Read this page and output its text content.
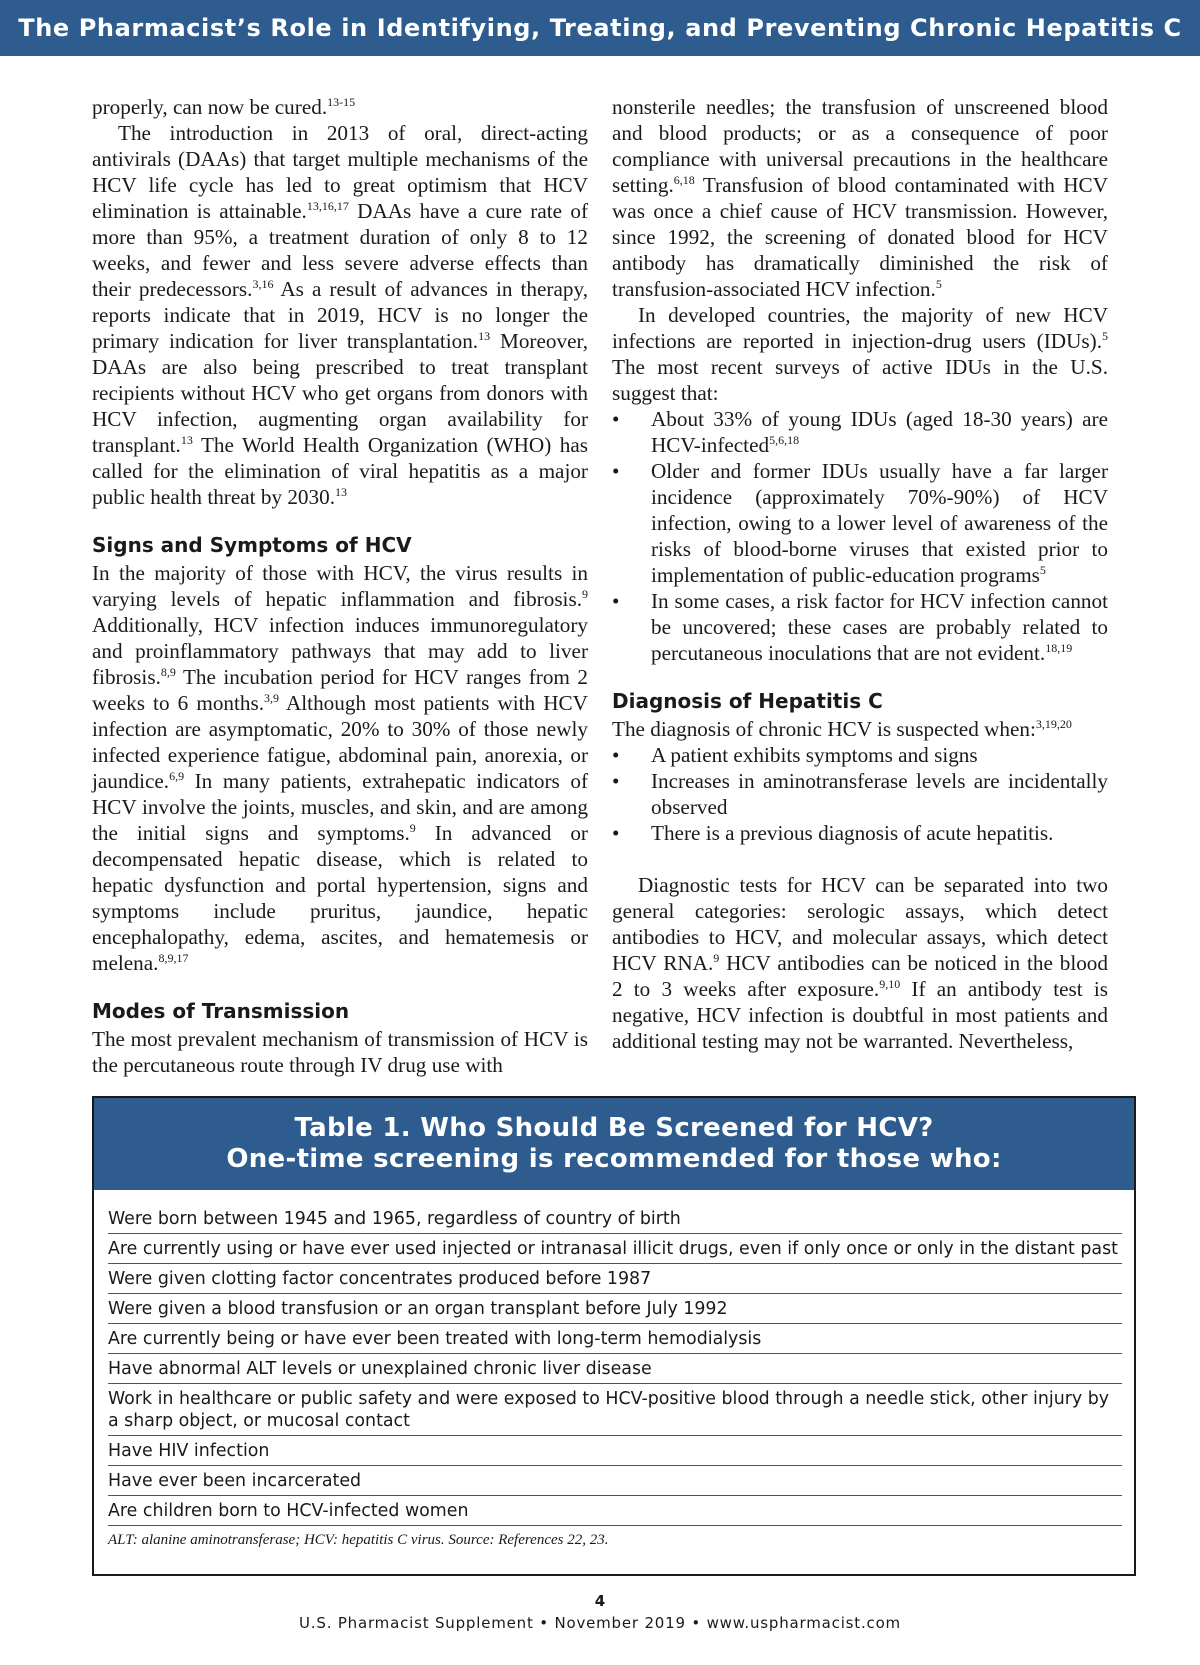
The Pharmacist’s Role in Identifying, Treating, and Preventing Chronic Hepatitis C

properly, can now be cured.$^{13-15}$

The introduction in 2013 of oral, direct-acting antivirals (DAAs) that target multiple mechanisms of the HCV life cycle has led to great optimism that HCV elimination is attainable.$^{13,16,17}$ DAAs have a cure rate of more than 95%, a treatment duration of only 8 to 12 weeks, and fewer and less severe adverse effects than their predecessors.$^{3,16}$ As a result of advances in therapy, reports indicate that in 2019, HCV is no longer the primary indication for liver transplantation.$^{13}$ Moreover, DAAs are also being prescribed to treat transplant recipients without HCV who get organs from donors with HCV infection, augmenting organ availability for transplant.$^{13}$ The World Health Organization (WHO) has called for the elimination of viral hepatitis as a major public health threat by 2030.13

Signs and Symptoms of HCV

In the majority of those with HCV, the virus results in varying levels of hepatic inflammation and fibrosis.$^9$ Additionally, HCV infection induces immunoregulatory and proinflammatory pathways that may add to liver fibrosis.$^{8,9}$ The incubation period for HCV ranges from 2 weeks to 6 months.$^{3,9}$ Although most patients with HCV infection are asymptomatic, 20% to 30% of those newly infected experience fatigue, abdominal pain, anorexia, or jaundice.$^{6,9}$ In many patients, extrahepatic indicators of HCV involve the joints, muscles, and skin, and are among the initial signs and symptoms.$^9$ In advanced or decompensated hepatic disease, which is related to hepatic dysfunction and portal hypertension, signs and symptoms include pruritus, jaundice, hepatic encephalopathy, edema, ascites, and hematemesis or melena.$^{8,9,17}$

Modes of Transmission

The most prevalent mechanism of transmission of HCV is the percutaneous route through IV drug use with

nonsterile needles; the transfusion of unscreened blood and blood products; or as a consequence of poor compliance with universal precautions in the healthcare setting.$^{6,18}$ Transfusion of blood contaminated with HCV was once a chief cause of HCV transmission. However, since 1992, the screening of donated blood for HCV antibody has dramatically diminished the risk of transfusion-associated HCV infection.$^5$

In developed countries, the majority of new HCV infections are reported in injection-drug users (IDUs).$^5$ The most recent surveys of active IDUs in the U.S. suggest that:

• About 33% of young IDUs (aged 18-30 years) are HCV-infected$^{5,6,18}$
• Older and former IDUs usually have a far larger incidence (approximately 70%-90%) of HCV infection, owing to a lower level of awareness of the risks of blood-borne viruses that existed prior to implementation of public-education programs$^5$
• In some cases, a risk factor for HCV infection cannot be uncovered; these cases are probably related to percutaneous inoculations that are not evident.$^{18,19}$
Diagnosis of Hepatitis C

The diagnosis of chronic HCV is suspected when:$^{3,19,20}$

• A patient exhibits symptoms and signs
• Increases in aminotransferase levels are incidentally observed
• There is a previous diagnosis of acute hepatitis.

Diagnostic tests for HCV can be separated into two general categories: serologic assays, which detect antibodies to HCV, and molecular assays, which detect HCV RNA.$^9$ HCV antibodies can be noticed in the blood 2 to 3 weeks after exposure.$^{9,10}$ If an antibody test is negative, HCV infection is doubtful in most patients and additional testing may not be warranted. Nevertheless,

Table 1. Who Should Be Screened for HCV?
One-time screening is recommended for those who:
Were born between 1945 and 1965, regardless of country of birth
Are currently using or have ever used injected or intranasal illicit drugs, even if only once or only in the distant past
Were given clotting factor concentrates produced before 1987
Were given a blood transfusion or an organ transplant before July 1992
Are currently being or have ever been treated with long-term hemodialysis
Have abnormal ALT levels or unexplained chronic liver disease
Work in healthcare or public safety and were exposed to HCV-positive blood through a needle stick, other injury by a sharp object, or mucosal contact
Have HIV infection
Have ever been incarcerated
Are children born to HCV-infected women
ALT: alanine aminotransferase; HCV: hepatitis C virus. Source: References 22, 23.
4
U.S. Pharmacist Supplement • November 2019 • www.uspharmacist.com
